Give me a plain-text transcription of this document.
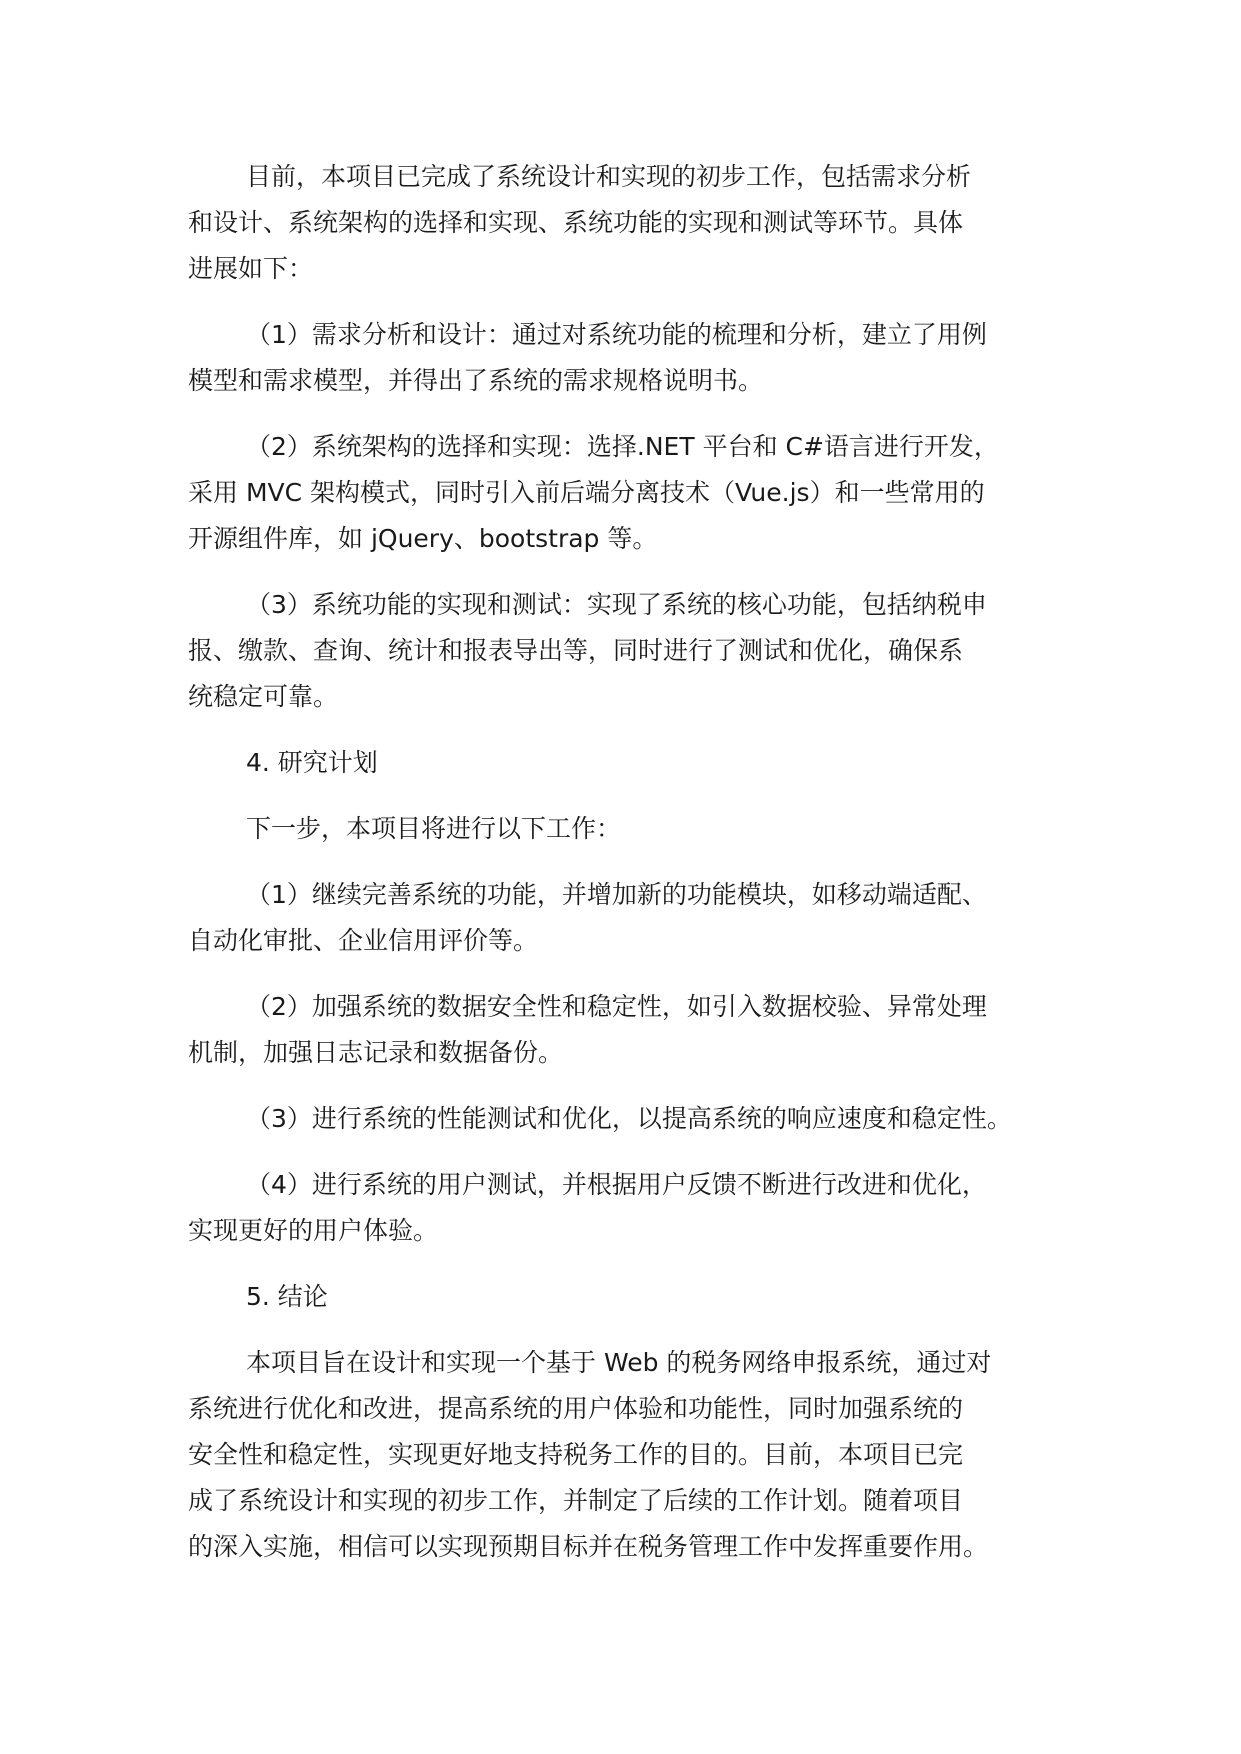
目前，本项目已完成了系统设计和实现的初步工作，包括需求分析
和设计、系统架构的选择和实现、系统功能的实现和测试等环节。具体
进展如下：
（1）需求分析和设计：通过对系统功能的梳理和分析，建立了用例
模型和需求模型，并得出了系统的需求规格说明书。
（2）系统架构的选择和实现：选择.NET 平台和 C#语言进行开发，
采用 MVC 架构模式，同时引入前后端分离技术（Vue.js）和一些常用的
开源组件库，如 jQuery、bootstrap 等。
（3）系统功能的实现和测试：实现了系统的核心功能，包括纳税申
报、缴款、查询、统计和报表导出等，同时进行了测试和优化，确保系
统稳定可靠。
4. 研究计划
下一步，本项目将进行以下工作：
（1）继续完善系统的功能，并增加新的功能模块，如移动端适配、
自动化审批、企业信用评价等。
（2）加强系统的数据安全性和稳定性，如引入数据校验、异常处理
机制，加强日志记录和数据备份。
（3）进行系统的性能测试和优化，以提高系统的响应速度和稳定性。
（4）进行系统的用户测试，并根据用户反馈不断进行改进和优化，
实现更好的用户体验。
5. 结论
本项目旨在设计和实现一个基于 Web 的税务网络申报系统，通过对
系统进行优化和改进，提高系统的用户体验和功能性，同时加强系统的
安全性和稳定性，实现更好地支持税务工作的目的。目前，本项目已完
成了系统设计和实现的初步工作，并制定了后续的工作计划。随着项目
的深入实施，相信可以实现预期目标并在税务管理工作中发挥重要作用。
